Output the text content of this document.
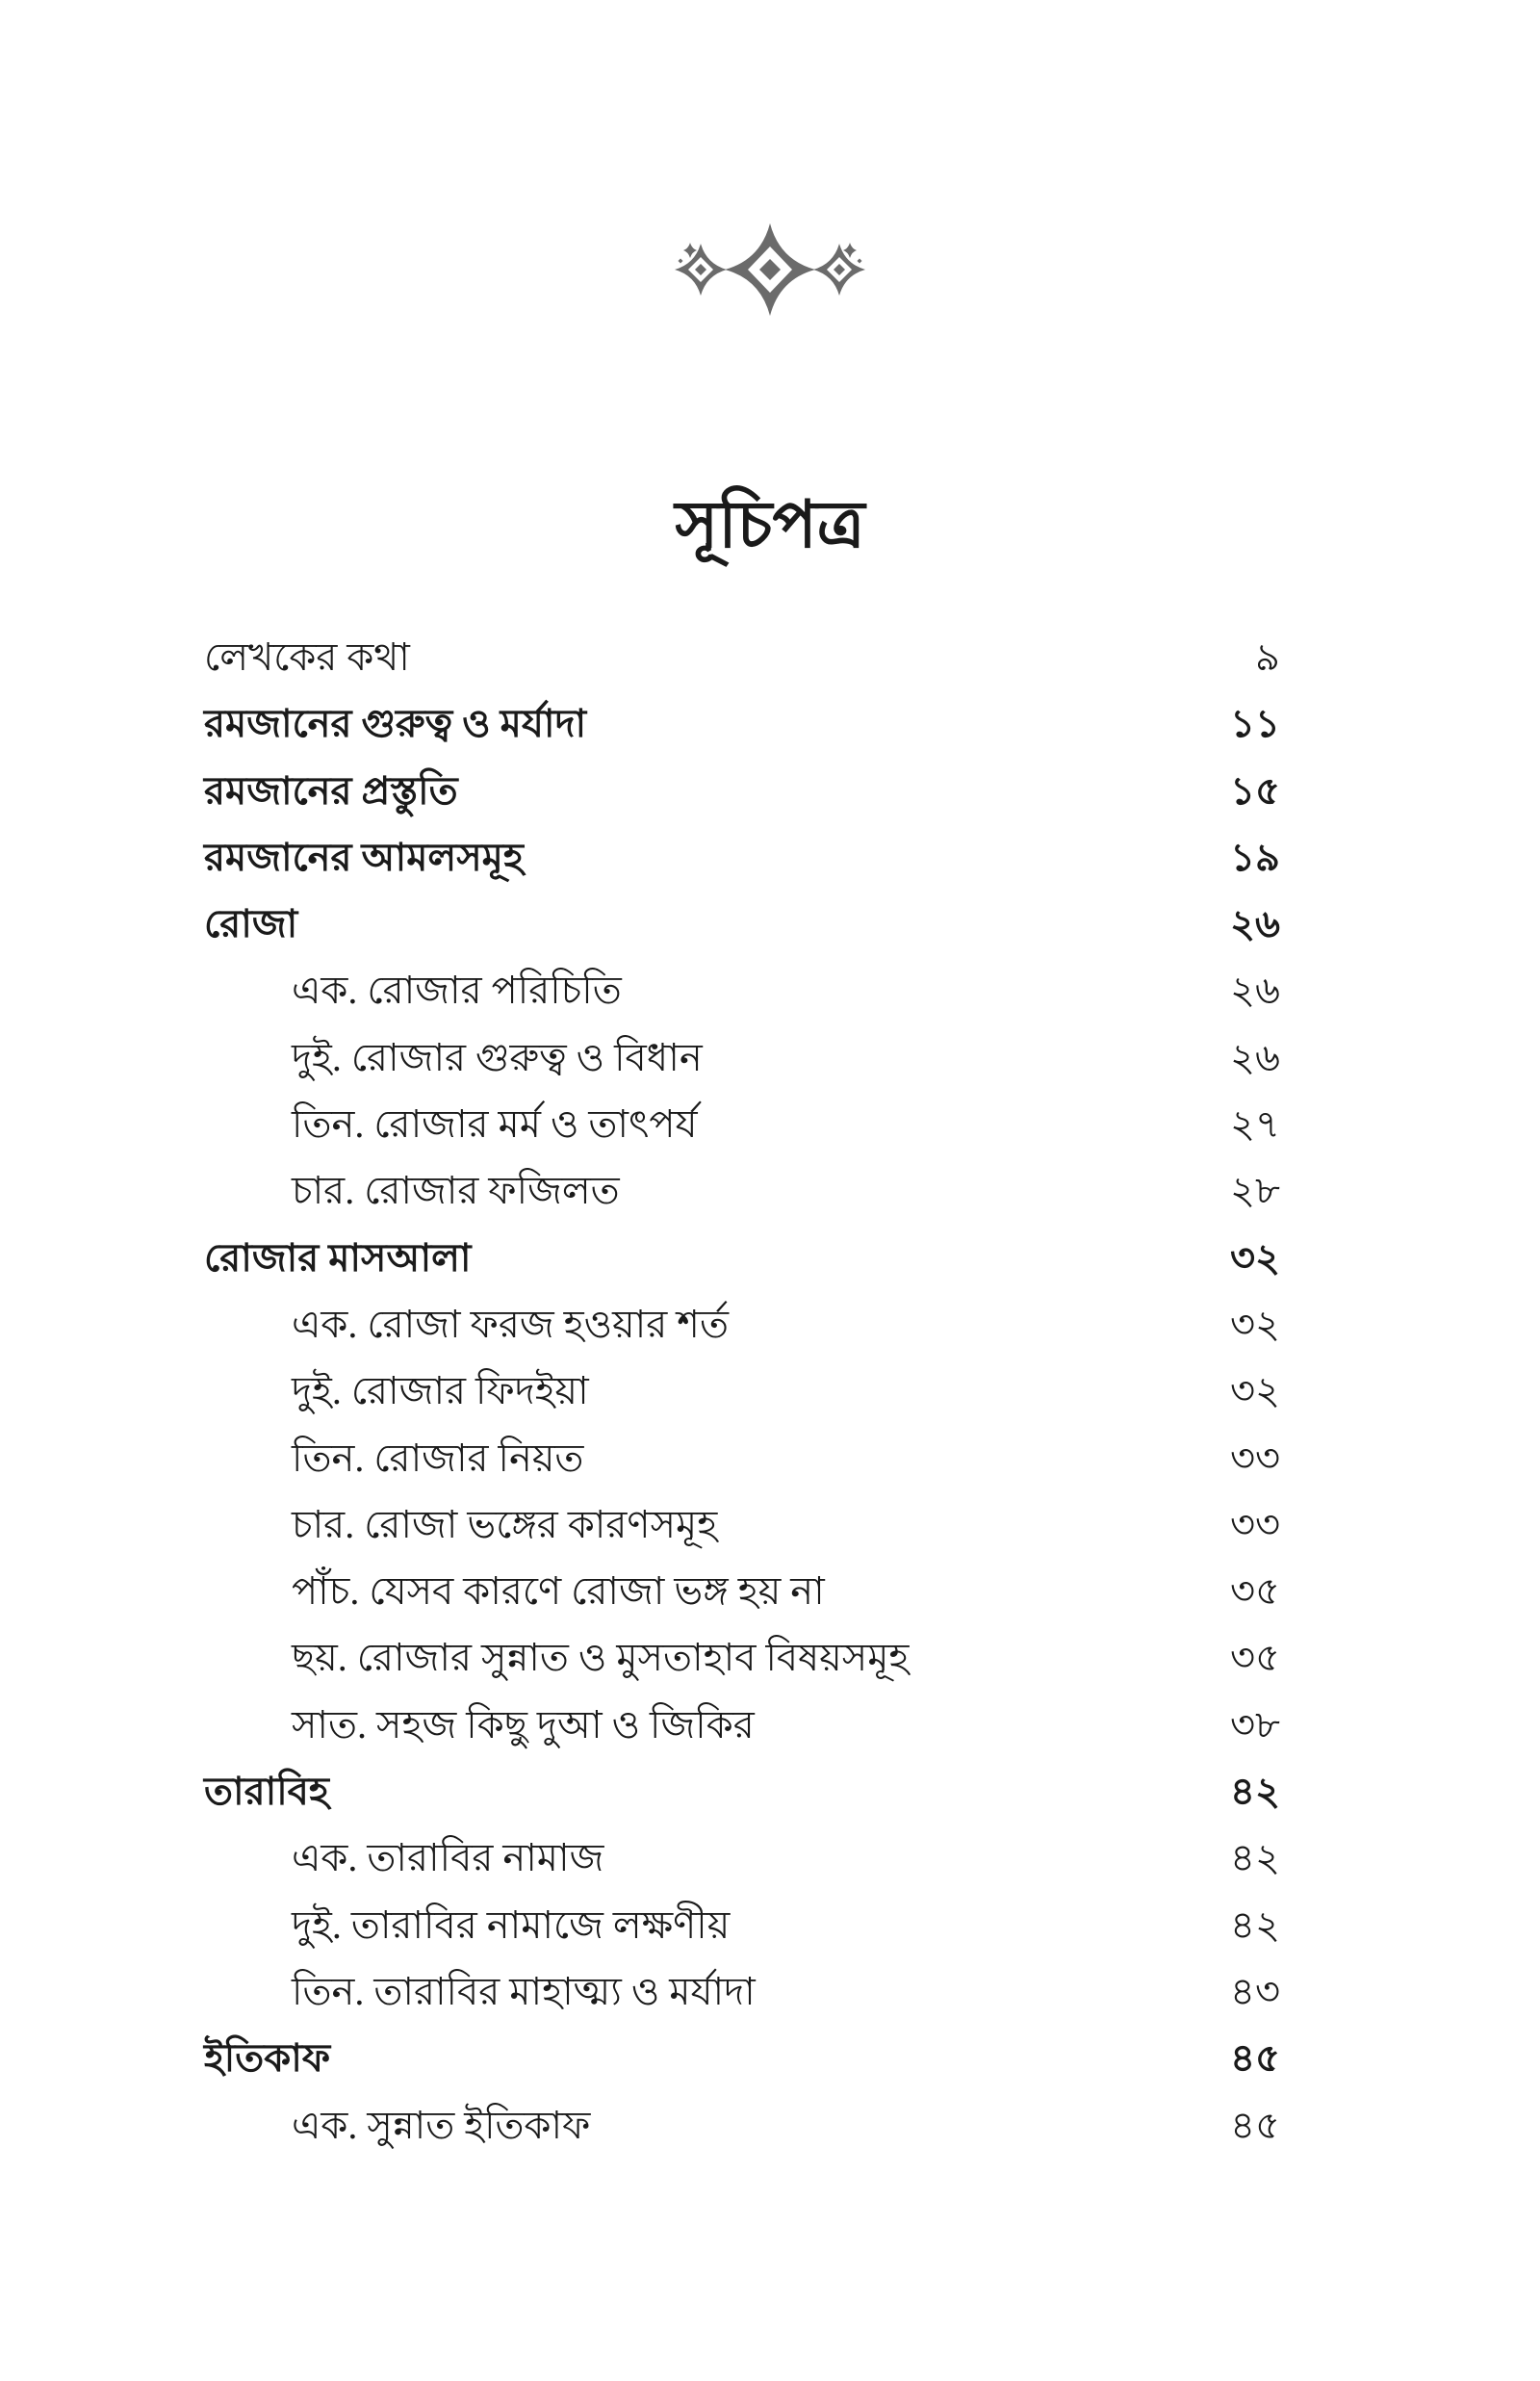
সূচিপত্র
লেখকের কথা	৯
রমজানের গুরুত্ব ও মর্যাদা	১১
রমজানের প্রস্তুতি	১৫
রমজানের আমলসমূহ	১৯
রোজা	২৬
এক. রোজার পরিচিতি	২৬
দুই. রোজার গুরুত্ব ও বিধান	২৬
তিন. রোজার মর্ম ও তাৎপর্য	২৭
চার. রোজার ফজিলত	২৮
রোজার মাসআলা	৩২
এক. রোজা ফরজ হওয়ার শর্ত	৩২
দুই. রোজার ফিদইয়া	৩২
তিন. রোজার নিয়ত	৩৩
চার. রোজা ভঙ্গের কারণসমূহ	৩৩
পাঁচ. যেসব কারণে রোজা ভঙ্গ হয় না	৩৫
ছয়. রোজার সুন্নাত ও মুসতাহাব বিষয়সমূহ	৩৫
সাত. সহজ কিছু দুআ ও জিকির	৩৮
তারাবিহ	৪২
এক. তারাবির নামাজ	৪২
দুই. তারাবির নামাজে লক্ষণীয়	৪২
তিন. তারাবির মাহাত্ম্য ও মর্যাদা	৪৩
ইতিকাফ	৪৫
এক. সুন্নাত ইতিকাফ	৪৫
